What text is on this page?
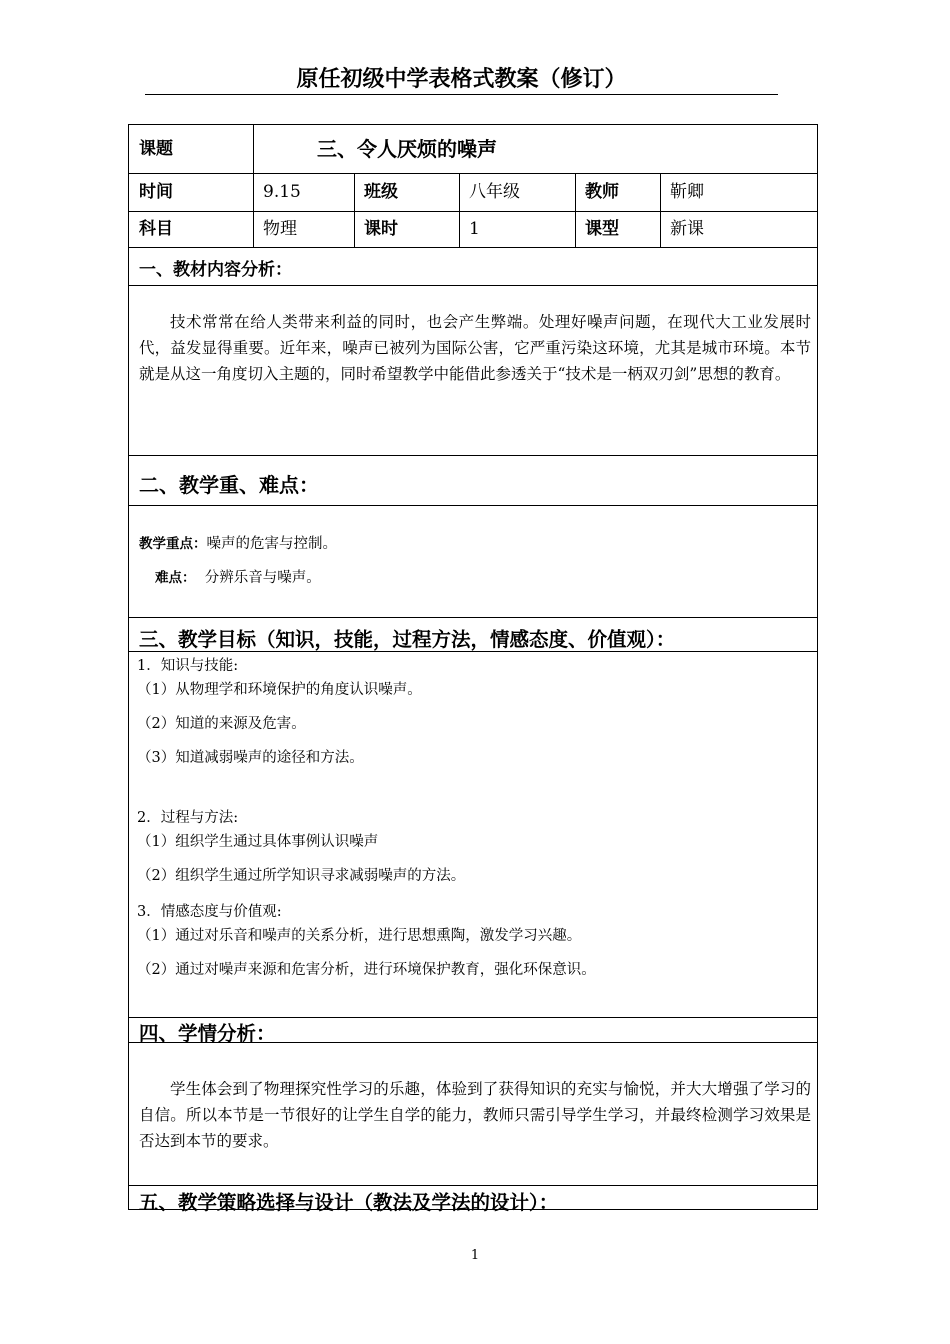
原任初级中学表格式教案（修订）
课题	三、令人厌烦的噪声
时间	9.15	班级	八年级	教师	靳卿
科目	物理	课时	1	课型	新课
一、教材内容分析：
技术常常在给人类带来利益的同时，也会产生弊端。处理好噪声问题，在现代大工业发展时代，益发显得重要。近年来，噪声已被列为国际公害，它严重污染这环境，尤其是城市环境。本节就是从这一角度切入主题的，同时希望教学中能借此参透关于“技术是一柄双刃剑”思想的教育。
二、教学重、难点：
教学重点：噪声的危害与控制。
难点： 分辨乐音与噪声。
三、教学目标（知识，技能，过程方法，情感态度、价值观）：
1．知识与技能:
（1）从物理学和环境保护的角度认识噪声。
（2）知道的来源及危害。
（3）知道减弱噪声的途径和方法。
2．过程与方法:
（1）组织学生通过具体事例认识噪声
（2）组织学生通过所学知识寻求减弱噪声的方法。
3．情感态度与价值观:
（1）通过对乐音和噪声的关系分析，进行思想熏陶，激发学习兴趣。
（2）通过对噪声来源和危害分析，进行环境保护教育，强化环保意识。
四、学情分析：
学生体会到了物理探究性学习的乐趣，体验到了获得知识的充实与愉悦，并大大增强了学习的自信。所以本节是一节很好的让学生自学的能力，教师只需引导学生学习，并最终检测学习效果是否达到本节的要求。
五、教学策略选择与设计（教法及学法的设计）：
1
